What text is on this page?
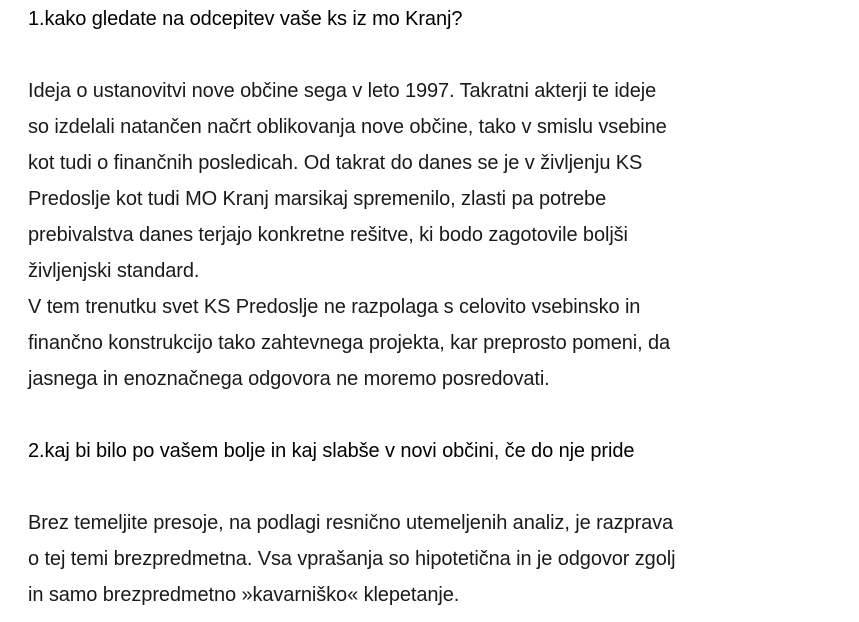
1.kako gledate na odcepitev vaše ks iz mo Kranj?
Ideja o ustanovitvi nove občine sega v leto 1997. Takratni akterji te ideje
so izdelali natančen načrt oblikovanja nove občine, tako v smislu vsebine
kot tudi o finančnih posledicah. Od takrat do danes se je v življenju KS
Predoslje kot tudi MO Kranj marsikaj spremenilo, zlasti pa potrebe
prebivalstva danes terjajo konkretne rešitve, ki bodo zagotovile boljši
življenjski standard.
V tem trenutku svet KS Predoslje ne razpolaga s celovito vsebinsko in
finančno konstrukcijo tako zahtevnega projekta, kar preprosto pomeni, da
jasnega in enoznačnega odgovora ne moremo posredovati.
2.kaj bi bilo po vašem bolje in kaj slabše v novi občini, če do nje pride
Brez temeljite presoje, na podlagi resnično utemeljenih analiz, je razprava
o tej temi brezpredmetna. Vsa vprašanja so hipotetična in je odgovor zgolj
in samo brezpredmetno »kavarniško« klepetanje.
